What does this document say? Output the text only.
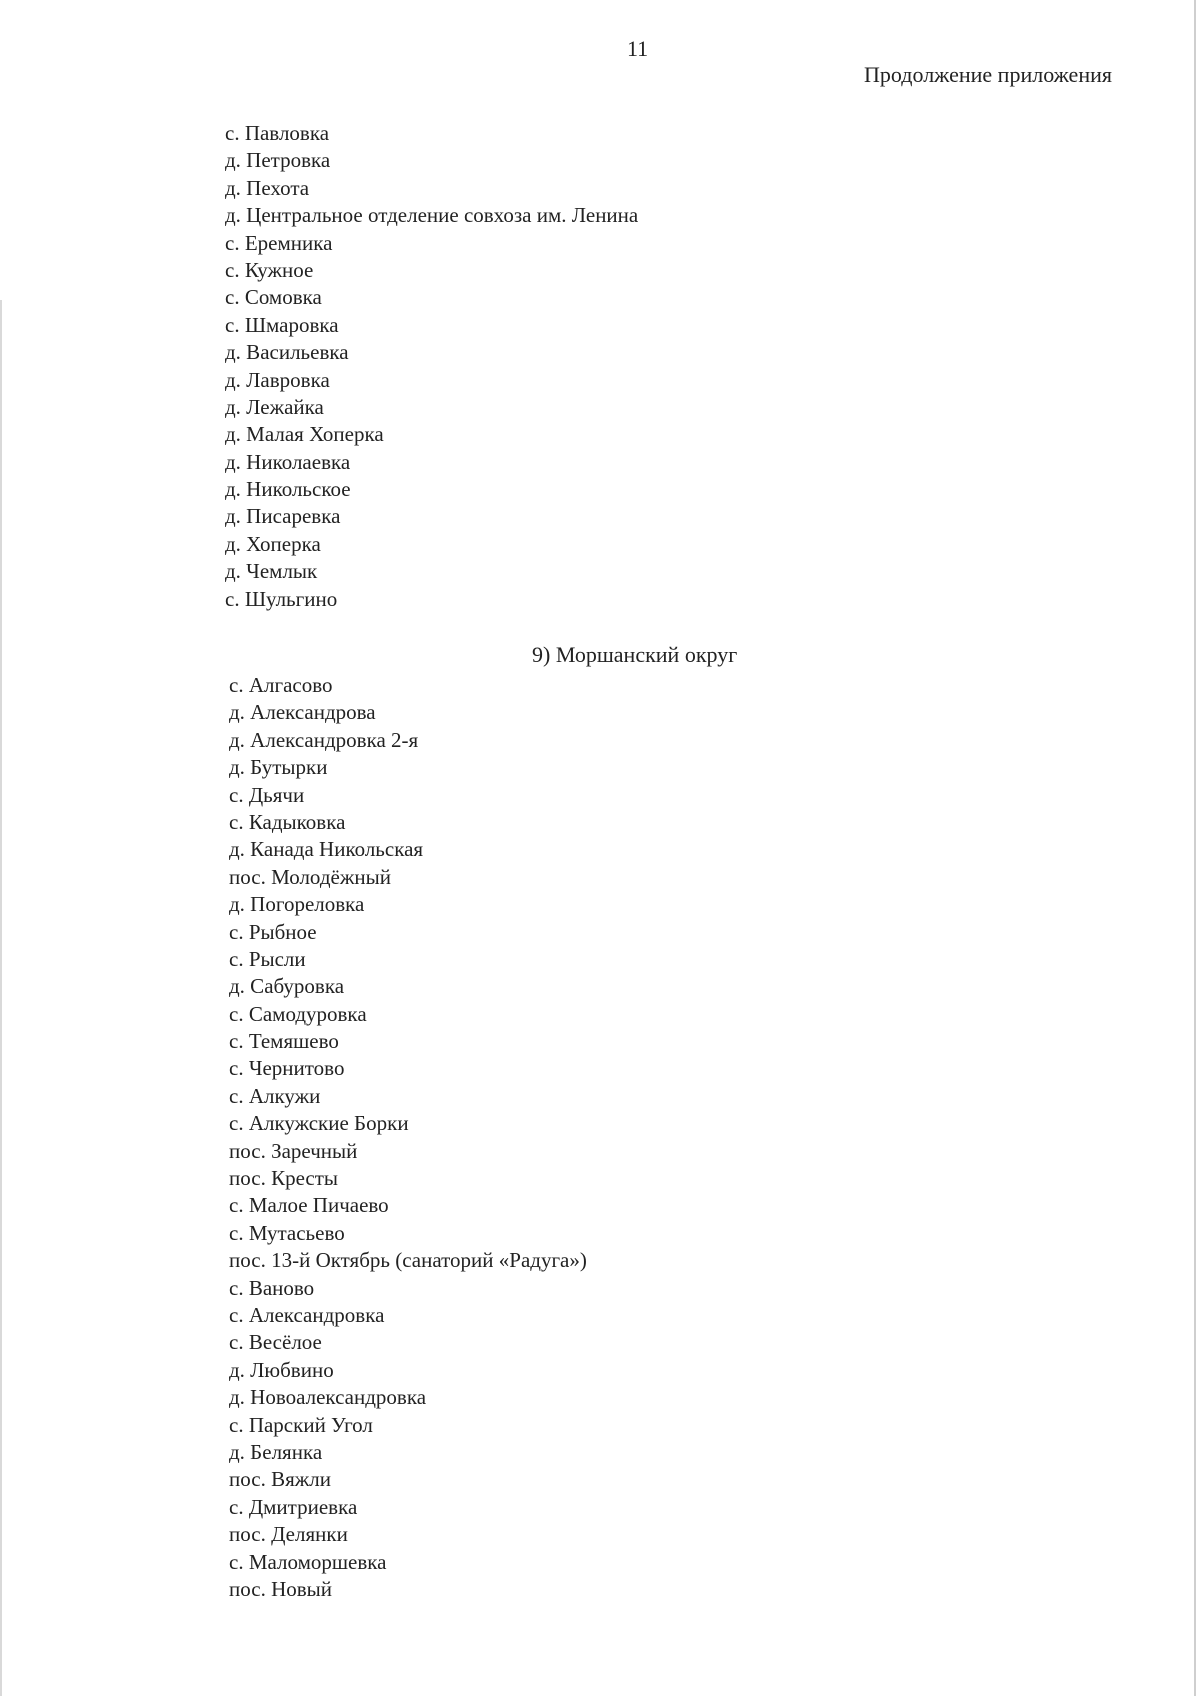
11
Продолжение приложения
с. Павловка
д. Петровка
д. Пехота
д. Центральное отделение совхоза им. Ленина
с. Еремника
с. Кужное
с. Сомовка
с. Шмаровка
д. Васильевка
д. Лавровка
д. Лежайка
д. Малая Хоперка
д. Николаевка
д. Никольское
д. Писаревка
д. Хоперка
д. Чемлык
с. Шульгино
9) Моршанский округ
с. Алгасово
д. Александрова
д. Александровка 2-я
д. Бутырки
с. Дьячи
с. Кадыковка
д. Канада Никольская
пос. Молодёжный
д. Погореловка
с. Рыбное
с. Рысли
д. Сабуровка
с. Самодуровка
с. Темяшево
с. Чернитово
с. Алкужи
с. Алкужские Борки
пос. Заречный
пос. Кресты
с. Малое Пичаево
с. Мутасьево
пос. 13-й Октябрь (санаторий «Радуга»)
с. Ваново
с. Александровка
с. Весёлое
д. Любвино
д. Новоалександровка
с. Парский Угол
д. Белянка
пос. Вяжли
с. Дмитриевка
пос. Делянки
с. Маломоршевка
пос. Новый
